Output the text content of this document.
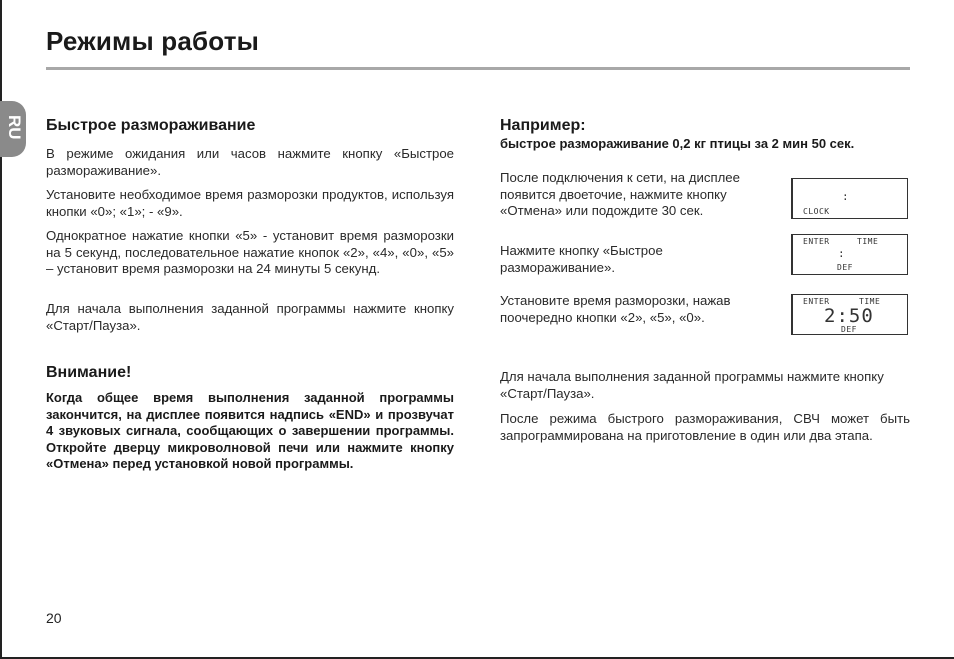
Режимы работы
RU Быстрое размораживание

В режиме ожидания или часов нажмите кнопку «Быстрое размораживание».

Установите необходимое время разморозки продуктов, используя кнопки «0»; «1»; - «9».

Однократное нажатие кнопки «5» - установит время разморозки на 5 секунд, последовательное нажатие кнопок «2», «4», «0», «5» – установит время разморозки на 24 минуты 5 секунд.

Для начала выполнения заданной программы нажмите кнопку «Старт/Пауза».

Внимание!

Когда общее время выполнения заданной программы закончится, на дисплее появится надпись «END» и прозвучат 4 звуковых сигнала, сообщающих о завершении программы. Откройте дверцу микроволновой печи или нажмите кнопку «Отмена» перед установкой новой программы.

Например:
быстрое размораживание 0,2 кг птицы за 2 мин 50 сек.

После подключения к сети, на дисплее появится двоеточие, нажмите кнопку «Отмена» или подождите 30 сек.

Нажмите кнопку «Быстрое размораживание».

Установите время разморозки, нажав поочередно кнопки «2», «5», «0».

:
CLOCK
ENTER	TIME
:
DEF
ENTER	TIME
2:50
DEF

Для начала выполнения заданной программы нажмите кнопку «Старт/Пауза».

После режима быстрого размораживания, СВЧ может быть запрограммирована на приготовление в один или два этапа.

20
